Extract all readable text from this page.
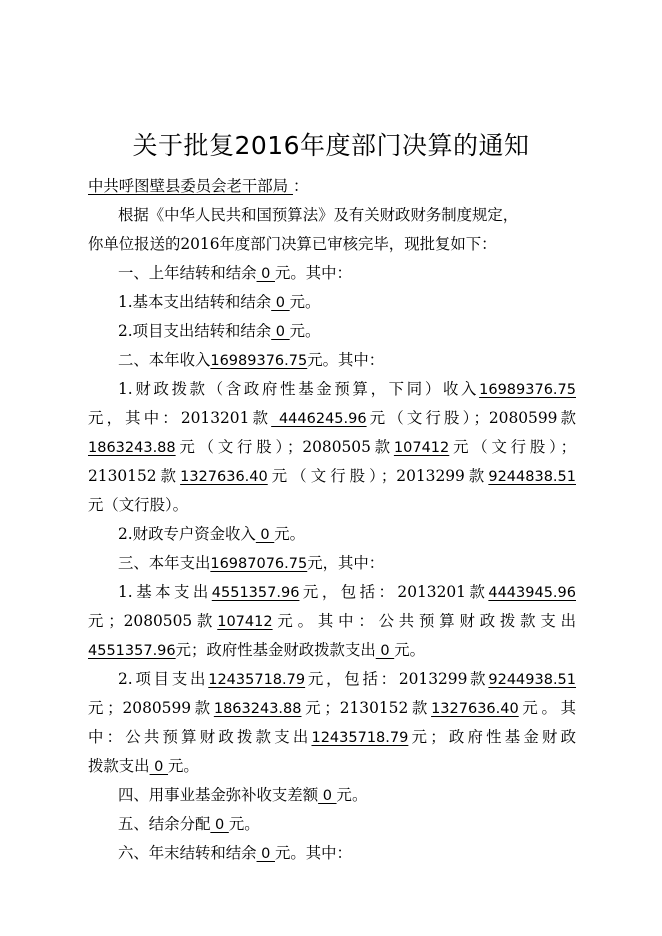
关于批复2016年度部门决算的通知
中共呼图壁县委员会老干部局 ：
根据《中华人民共和国预算法》及有关财政财务制度规定，
你单位报送的2016年度部门决算已审核完毕，现批复如下：
一、上年结转和结余 0 元。其中：
1.基本支出结转和结余 0 元。
2.项目支出结转和结余 0 元。
二、本年收入16989376.75元。其中：
1.财政拨款（含政府性基金预算，下同）收入16989376.75
元，其中：2013201款 4446245.96元（文行股）；2080599款
1863243.88元（文行股）；2080505款107412元（文行股）；
2130152款1327636.40元（文行股）；2013299款9244838.51
元（文行股）。
2.财政专户资金收入 0 元。
三、本年支出16987076.75元，其中：
1.基本支出4551357.96元，包括：2013201款4443945.96
元；2080505款107412元。其中：公共预算财政拨款支出
4551357.96元；政府性基金财政拨款支出 0 元。
2.项目支出12435718.79元，包括：2013299款9244938.51
元；2080599款1863243.88元；2130152款1327636.40元。其
中：公共预算财政拨款支出12435718.79元；政府性基金财政
拨款支出 0 元。
四、用事业基金弥补收支差额 0 元。
五、结余分配 0 元。
六、年末结转和结余 0 元。其中：
